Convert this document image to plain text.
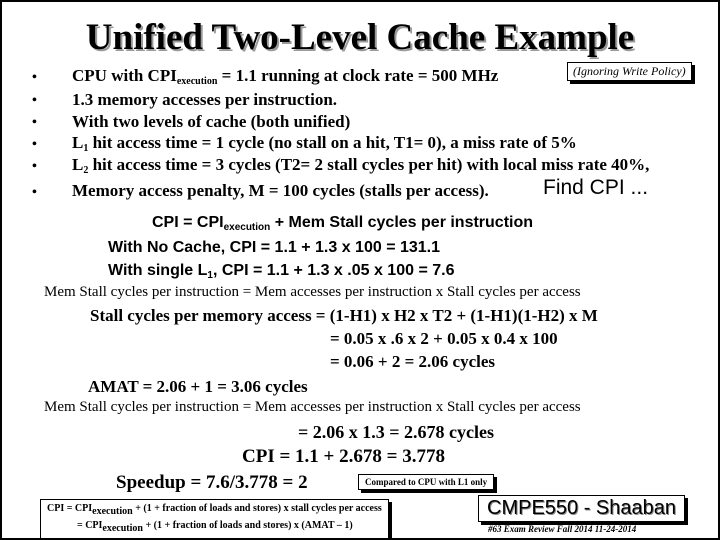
Unified Two-Level Cache Example
• CPU with $CPI_{execution} = 1.1$ running at clock rate = 500 MHz	(Ignoring Write Policy)
• 1.3 memory accesses per instruction.
• With two levels of cache (both unified)
• $L_1$ hit access time = 1 cycle (no stall on a hit, T1= 0), a miss rate of 5%
• $L_2$ hit access time = 3 cycles (T2= 2 stall cycles per hit) with local miss rate 40%,
• Memory access penalty, M = 100 cycles (stalls per access).	Find CPI ...
CPI = $CPI_{execution}$ + Mem Stall cycles per instruction
With No Cache, CPI = 1.1 + 1.3 x 100 = 131.1
With single $L_1$, CPI = 1.1 + 1.3 x .05 x 100 = 7.6
Mem Stall cycles per instruction = Mem accesses per instruction x Stall cycles per access
Stall cycles per memory access = (1-H1) x H2 x T2 + (1-H1)(1-H2) x M
= 0.05 x .6 x 2 + 0.05 x 0.4 x 100
= 0.06 + 2 = 2.06 cycles
AMAT = 2.06 + 1 = 3.06 cycles
Mem Stall cycles per instruction = Mem accesses per instruction x Stall cycles per access
= 2.06 x 1.3 = 2.678 cycles
CPI = 1.1 + 2.678 = 3.778
Speedup = 7.6/3.778 = 2	Compared to CPU with L1 only
CPI = $CPI_{execution} + (1$ + fraction of loads and stores) x stall cycles per access
= $CPI_{execution} + (1$ + fraction of loads and stores) x (AMAT – 1)
CMPE550 - Shaaban
#63 Exam Review Fall 2014 11-24-2014
